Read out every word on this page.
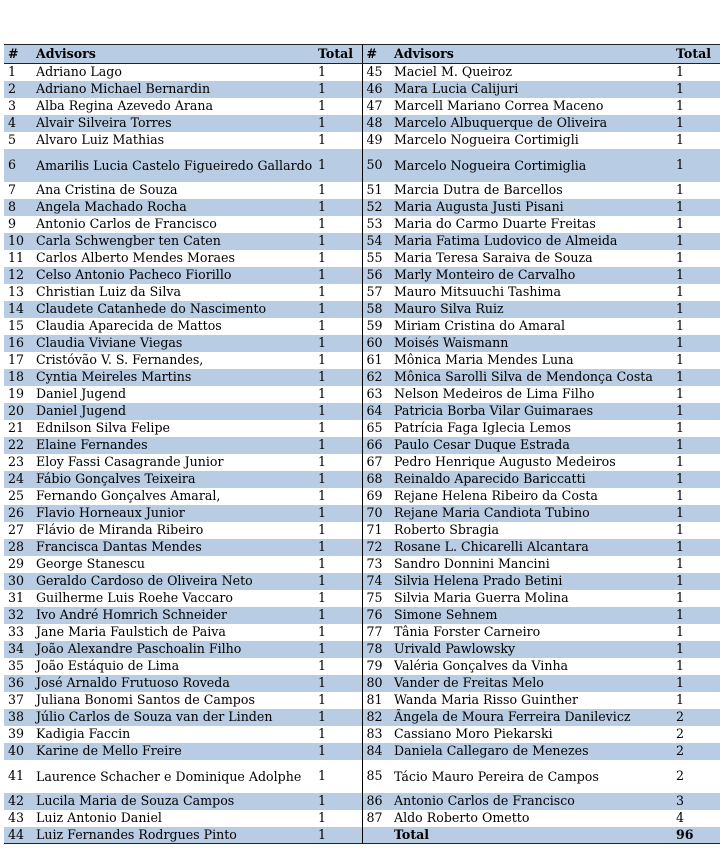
#	Advisors	Total	#	Advisors	Total
1	Adriano Lago	1	45	Maciel M. Queiroz	1
2	Adriano Michael Bernardin	1	46	Mara Lucia Calijuri	1
3	Alba Regina Azevedo Arana	1	47	Marcell Mariano Correa Maceno	1
4	Alvair Silveira Torres	1	48	Marcelo Albuquerque de Oliveira	1
5	Alvaro Luiz Mathias	1	49	Marcelo Nogueira Cortimigli	1
6	Amarilis Lucia Castelo Figueiredo Gallardo	1	50	Marcelo Nogueira Cortimiglia	1
7	Ana Cristina de Souza	1	51	Marcia Dutra de Barcellos	1
8	Angela Machado Rocha	1	52	Maria Augusta Justi Pisani	1
9	Antonio Carlos de Francisco	1	53	Maria do Carmo Duarte Freitas	1
10	Carla Schwengber ten Caten	1	54	Maria Fatima Ludovico de Almeida	1
11	Carlos Alberto Mendes Moraes	1	55	Maria Teresa Saraiva de Souza	1
12	Celso Antonio Pacheco Fiorillo	1	56	Marly Monteiro de Carvalho	1
13	Christian Luiz da Silva	1	57	Mauro Mitsuuchi Tashima	1
14	Claudete Catanhede do Nascimento	1	58	Mauro Silva Ruiz	1
15	Claudia Aparecida de Mattos	1	59	Miriam Cristina do Amaral	1
16	Claudia Viviane Viegas	1	60	Moisés Waismann	1
17	Cristóvão V. S. Fernandes,	1	61	Mônica Maria Mendes Luna	1
18	Cyntia Meireles Martins	1	62	Mônica Sarolli Silva de Mendonça Costa	1
19	Daniel Jugend	1	63	Nelson Medeiros de Lima Filho	1
20	Daniel Jugend	1	64	Patricia Borba Vilar Guimaraes	1
21	Ednilson Silva Felipe	1	65	Patrícia Faga Iglecia Lemos	1
22	Elaine Fernandes	1	66	Paulo Cesar Duque Estrada	1
23	Eloy Fassi Casagrande Junior	1	67	Pedro Henrique Augusto Medeiros	1
24	Fábio Gonçalves Teixeira	1	68	Reinaldo Aparecido Bariccatti	1
25	Fernando Gonçalves Amaral,	1	69	Rejane Helena Ribeiro da Costa	1
26	Flavio Horneaux Junior	1	70	Rejane Maria Candiota Tubino	1
27	Flávio de Miranda Ribeiro	1	71	Roberto Sbragia	1
28	Francisca Dantas Mendes	1	72	Rosane L. Chicarelli Alcantara	1
29	George Stanescu	1	73	Sandro Donnini Mancini	1
30	Geraldo Cardoso de Oliveira Neto	1	74	Silvia Helena Prado Betini	1
31	Guilherme Luis Roehe Vaccaro	1	75	Silvia Maria Guerra Molina	1
32	Ivo André Homrich Schneider	1	76	Simone Sehnem	1
33	Jane Maria Faulstich de Paiva	1	77	Tânia Forster Carneiro	1
34	João Alexandre Paschoalin Filho	1	78	Urivald Pawlowsky	1
35	João Estáquio de Lima	1	79	Valéria Gonçalves da Vinha	1
36	José Arnaldo Frutuoso Roveda	1	80	Vander de Freitas Melo	1
37	Juliana Bonomi Santos de Campos	1	81	Wanda Maria Risso Guinther	1
38	Júlio Carlos de Souza van der Linden	1	82	Ângela de Moura Ferreira Danilevicz	2
39	Kadigia Faccin	1	83	Cassiano Moro Piekarski	2
40	Karine de Mello Freire	1	84	Daniela Callegaro de Menezes	2
41	Laurence Schacher e Dominique Adolphe	1	85	Tácio Mauro Pereira de Campos	2
42	Lucila Maria de Souza Campos	1	86	Antonio Carlos de Francisco	3
43	Luiz Antonio Daniel	1	87	Aldo Roberto Ometto	4
44	Luiz Fernandes Rodrgues Pinto	1		Total	96
